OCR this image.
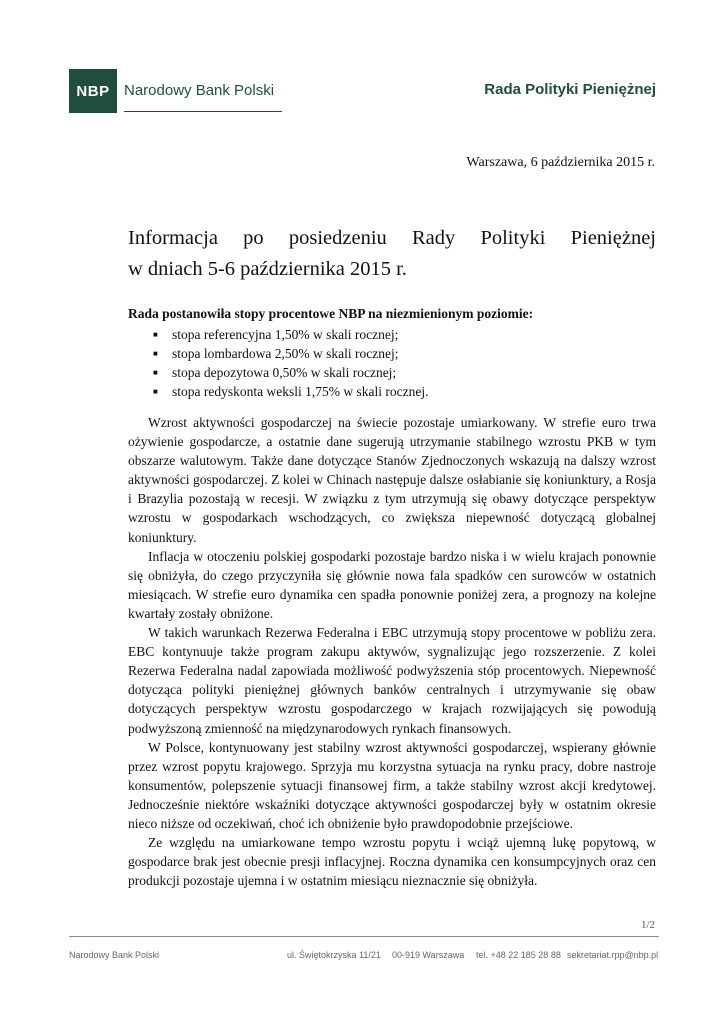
NBP Narodowy Bank Polski	Rada Polityki Pieniężnej
Warszawa, 6 października 2015 r.
Informacja po posiedzeniu Rady Polityki Pieniężnej
w dniach 5-6 października 2015 r.
Rada postanowiła stopy procentowe NBP na niezmienionym poziomie:
■ stopa referencyjna 1,50% w skali rocznej;
■ stopa lombardowa 2,50% w skali rocznej;
■ stopa depozytowa 0,50% w skali rocznej;
■ stopa redyskonta weksli 1,75% w skali rocznej.

Wzrost aktywności gospodarczej na świecie pozostaje umiarkowany. W strefie euro trwa ożywienie gospodarcze, a ostatnie dane sugerują utrzymanie stabilnego wzrostu PKB w tym obszarze walutowym. Także dane dotyczące Stanów Zjednoczonych wskazują na dalszy wzrost aktywności gospodarczej. Z kolei w Chinach następuje dalsze osłabianie się koniunktury, a Rosja i Brazylia pozostają w recesji. W związku z tym utrzymują się obawy dotyczące perspektyw wzrostu w gospodarkach wschodzących, co zwiększa niepewność dotyczącą globalnej koniunktury.

Inflacja w otoczeniu polskiej gospodarki pozostaje bardzo niska i w wielu krajach ponownie się obniżyła, do czego przyczyniła się głównie nowa fala spadków cen surowców w ostatnich miesiącach. W strefie euro dynamika cen spadła ponownie poniżej zera, a prognozy na kolejne kwartały zostały obniżone.

W takich warunkach Rezerwa Federalna i EBC utrzymują stopy procentowe w pobliżu zera. EBC kontynuuje także program zakupu aktywów, sygnalizując jego rozszerzenie. Z kolei Rezerwa Federalna nadal zapowiada możliwość podwyższenia stóp procentowych. Niepewność dotycząca polityki pieniężnej głównych banków centralnych i utrzymywanie się obaw dotyczących perspektyw wzrostu gospodarczego w krajach rozwijających się powodują podwyższoną zmienność na międzynarodowych rynkach finansowych.

W Polsce, kontynuowany jest stabilny wzrost aktywności gospodarczej, wspierany głównie przez wzrost popytu krajowego. Sprzyja mu korzystna sytuacja na rynku pracy, dobre nastroje konsumentów, polepszenie sytuacji finansowej firm, a także stabilny wzrost akcji kredytowej. Jednocześnie niektóre wskaźniki dotyczące aktywności gospodarczej były w ostatnim okresie nieco niższe od oczekiwań, choć ich obniżenie było prawdopodobnie przejściowe.

Ze względu na umiarkowane tempo wzrostu popytu i wciąż ujemną lukę popytową, w gospodarce brak jest obecnie presji inflacyjnej. Roczna dynamika cen konsumpcyjnych oraz cen produkcji pozostaje ujemna i w ostatnim miesiącu nieznacznie się obniżyła.

1/2
Narodowy Bank Polski	ul. Świętokrzyska 11/21 00-919 Warszawa tel. +48 22 185 28 88 sekretariat.rpp@nbp.pl
